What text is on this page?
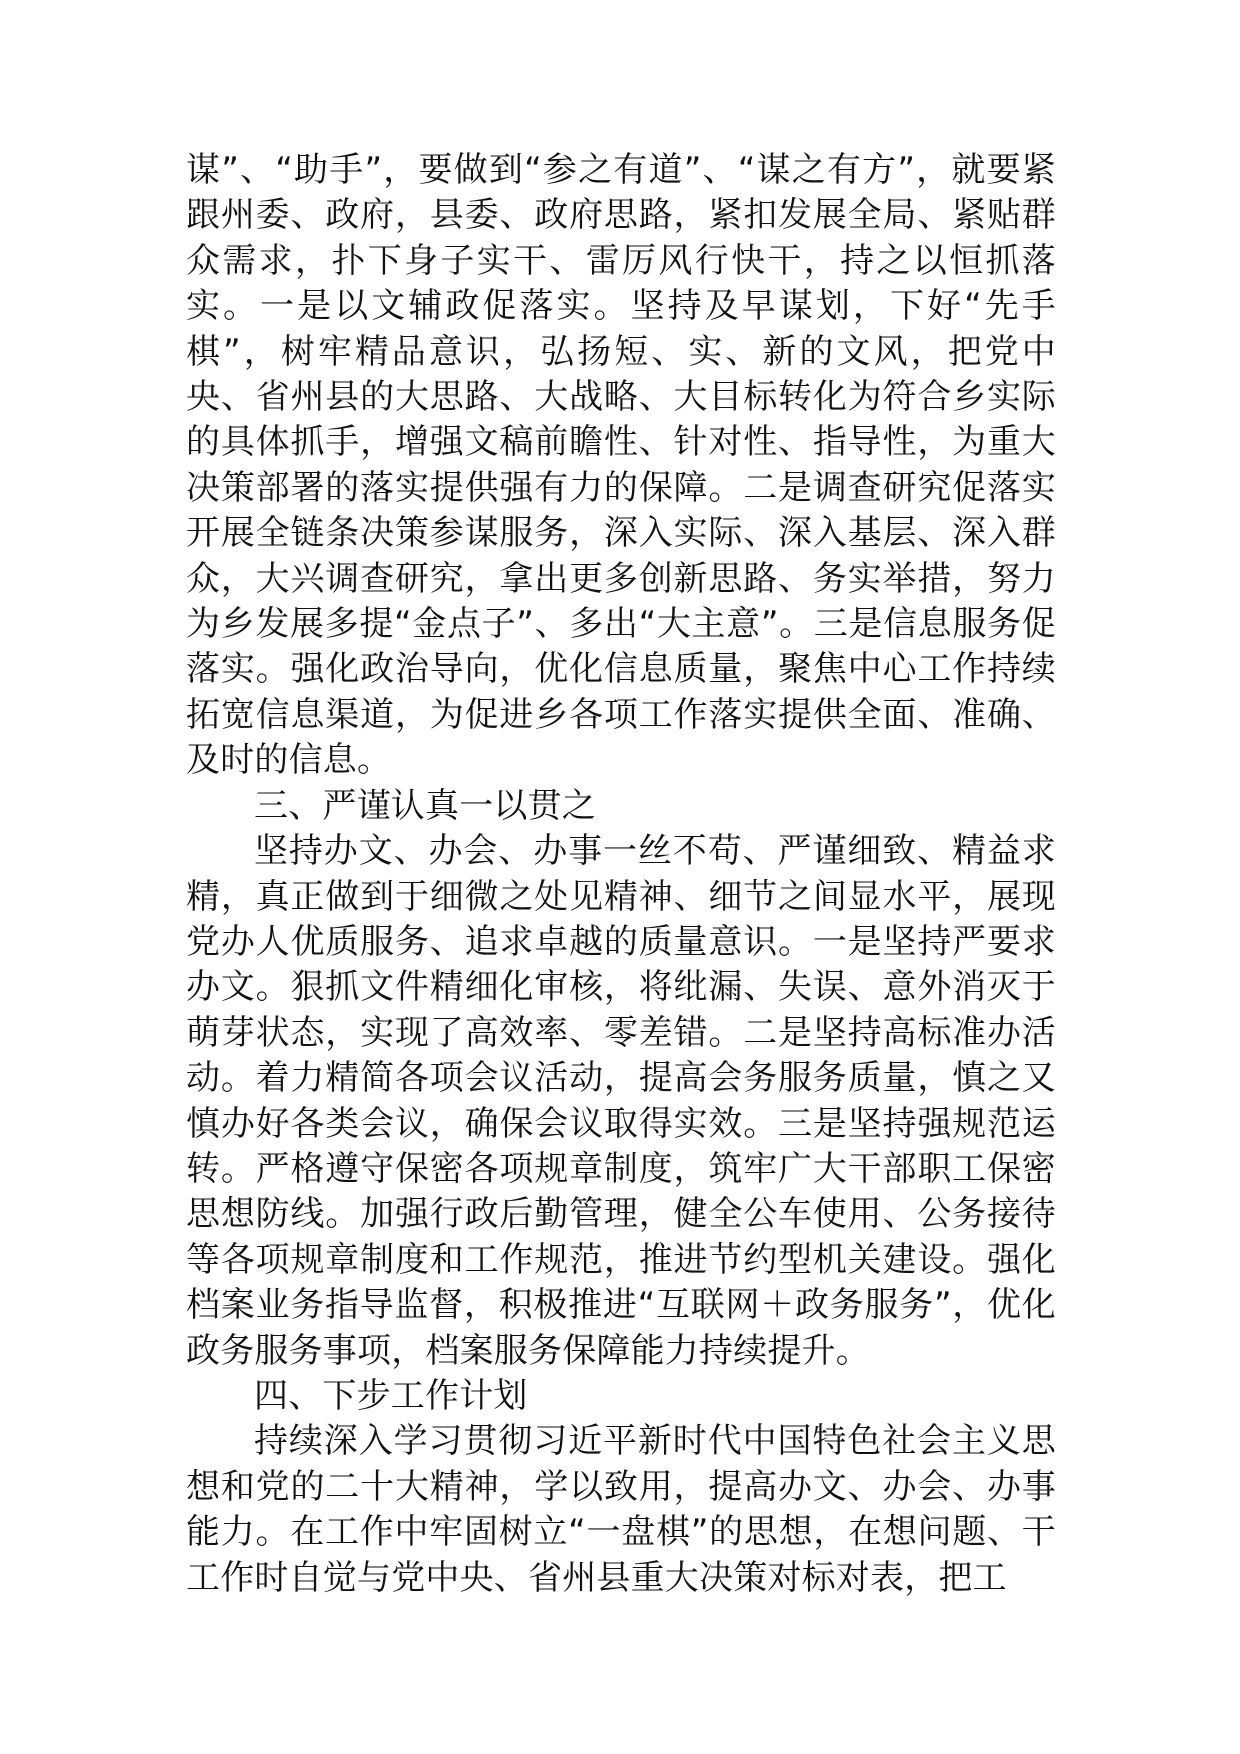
谋”、“助手”，要做到“参之有道”、“谋之有方”，就要紧跟州委、政府，县委、政府思路，紧扣发展全局、紧贴群众需求，扑下身子实干、雷厉风行快干，持之以恒抓落实。一是以文辅政促落实。坚持及早谋划，下好“先手棋”，树牢精品意识，弘扬短、实、新的文风，把党中央、省州县的大思路、大战略、大目标转化为符合乡实际的具体抓手，增强文稿前瞻性、针对性、指导性，为重大决策部署的落实提供强有力的保障。二是调查研究促落实开展全链条决策参谋服务，深入实际、深入基层、深入群众，大兴调查研究，拿出更多创新思路、务实举措，努力为乡发展多提“金点子”、多出“大主意”。三是信息服务促落实。强化政治导向，优化信息质量，聚焦中心工作持续拓宽信息渠道，为促进乡各项工作落实提供全面、准确、及时的信息。

三、严谨认真一以贯之

坚持办文、办会、办事一丝不苟、严谨细致、精益求精，真正做到于细微之处见精神、细节之间显水平，展现党办人优质服务、追求卓越的质量意识。一是坚持严要求办文。狠抓文件精细化审核，将纰漏、失误、意外消灭于萌芽状态，实现了高效率、零差错。二是坚持高标准办活动。着力精简各项会议活动，提高会务服务质量，慎之又慎办好各类会议，确保会议取得实效。三是坚持强规范运转。严格遵守保密各项规章制度，筑牢广大干部职工保密思想防线。加强行政后勤管理，健全公车使用、公务接待等各项规章制度和工作规范，推进节约型机关建设。强化档案业务指导监督，积极推进“互联网＋政务服务”，优化政务服务事项，档案服务保障能力持续提升。

四、下步工作计划

持续深入学习贯彻习近平新时代中国特色社会主义思想和党的二十大精神，学以致用，提高办文、办会、办事能力。在工作中牢固树立“一盘棋”的思想，在想问题、干工作时自觉与党中央、省州县重大决策对标对表，把工
